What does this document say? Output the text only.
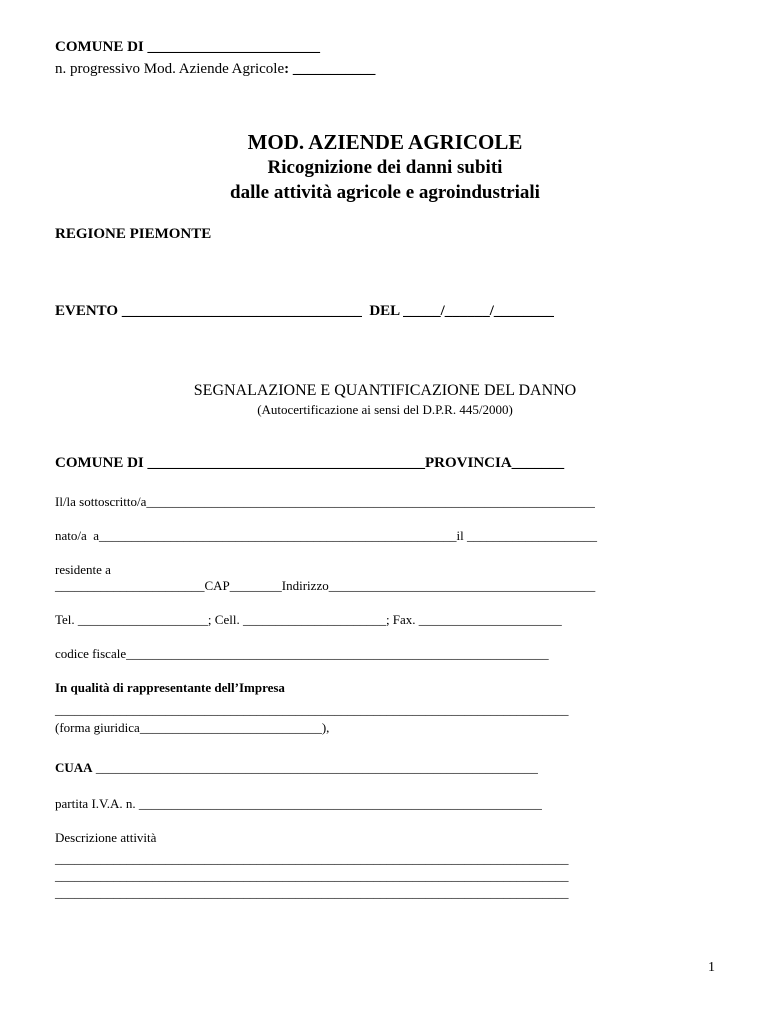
COMUNE DI _______________________
n. progressivo Mod. Aziende Agricole: ___________
MOD. AZIENDE AGRICOLE
Ricognizione dei danni subiti
dalle attività agricole e agroindustriali
REGIONE PIEMONTE
EVENTO ________________________________  DEL _____/______/________
SEGNALAZIONE E QUANTIFICAZIONE DEL DANNO
(Autocertificazione ai sensi del D.P.R. 445/2000)
COMUNE DI _____________________________________PROVINCIA_______
Il/la sottoscritto/a_____________________________________________________________________
nato/a  a_______________________________________________________il ____________________
residente a
_______________________CAP________Indirizzo_________________________________________
Tel. ____________________; Cell. ______________________; Fax. ______________________
codice fiscale_________________________________________________________________
In qualità di rappresentante dell’Impresa
_______________________________________________________________________________
(forma giuridica____________________________),
CUAA ____________________________________________________________________
partita I.V.A. n. ______________________________________________________________
Descrizione attività
_______________________________________________________________________________
_______________________________________________________________________________
_______________________________________________________________________________
1
